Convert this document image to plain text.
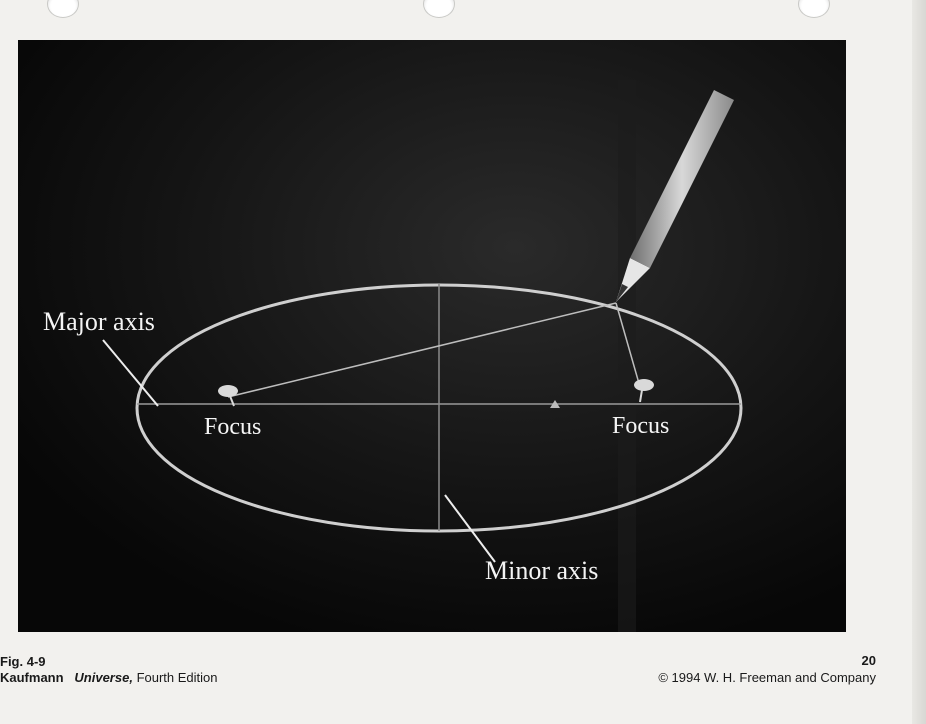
Major axis
Focus	Focus
Minor axis
Fig. 4-9
Kaufmann Universe, Fourth Edition
20
© 1994 W. H. Freeman and Company
